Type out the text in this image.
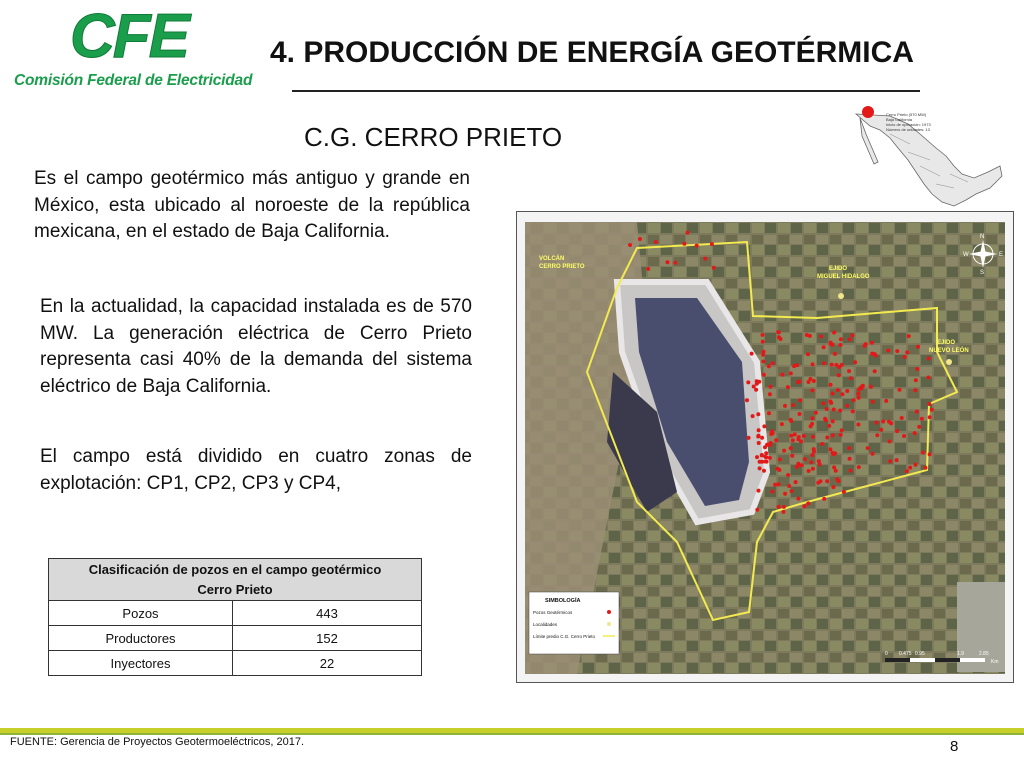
CFE
Comisión Federal de Electricidad
4. PRODUCCIÓN DE ENERGÍA GEOTÉRMICA
C.G. CERRO PRIETO
Es el campo geotérmico más antiguo y grande en México, esta ubicado al noroeste de la república mexicana, en el estado de Baja California.
En la actualidad, la capacidad instalada es de 570 MW. La generación eléctrica de Cerro Prieto representa casi 40% de la demanda del sistema eléctrico de Baja California.
El campo está dividido en cuatro zonas de explotación: CP1, CP2, CP3 y CP4,
Clasificación de pozos en el campo geotérmico
Cerro Prieto	
Pozos	443
Productores	152
Inyectores	22
Cerro Prieto (570 MW)
Baja California
Inicio de operación: 1973
Número de unidades: 13
VOLCÁN
CERRO PRIETO	EJIDO
MIGUEL HIDALGO
EJIDO
NUEVO LEÓN
N
E
W
S
SIMBOLOGÍA
Pozos Geotérmicos
Localidades
Límite predio C.G. Cerro Prieto
0 0.475 0.95	1.9	2.85
Km
FUENTE: Gerencia de Proyectos Geotermoeléctricos, 2017.	8
